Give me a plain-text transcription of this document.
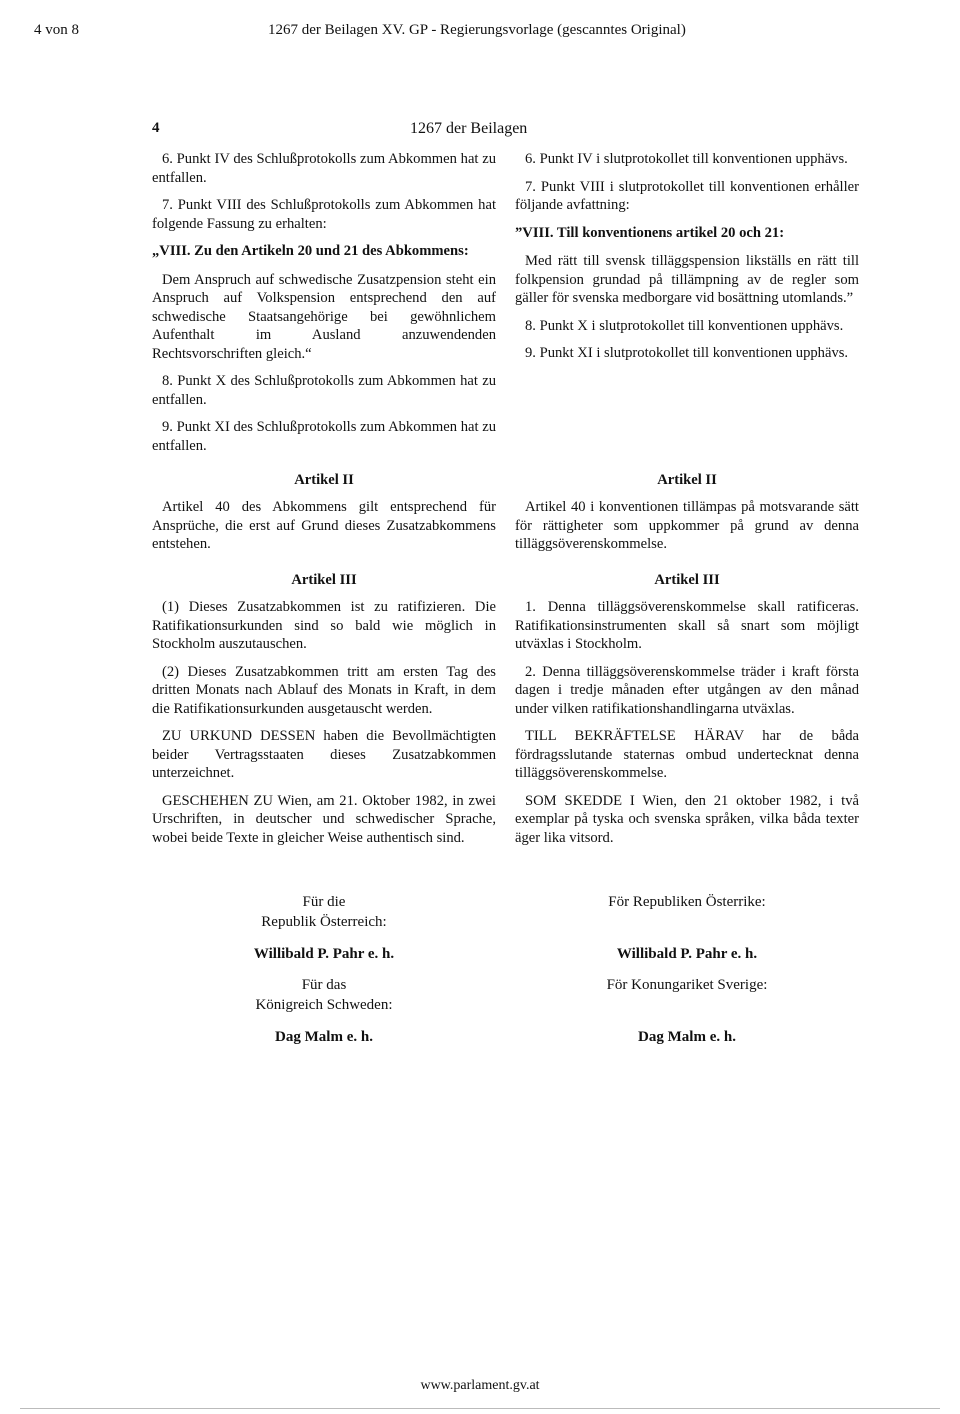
4 von 8	1267 der Beilagen XV. GP - Regierungsvorlage (gescanntes Original)
4	1267 der Beilagen

6. Punkt IV des Schlußprotokolls zum Abkommen hat zu entfallen.

7. Punkt VIII des Schlußprotokolls zum Abkommen hat folgende Fassung zu erhalten:

„VIII. Zu den Artikeln 20 und 21 des Abkommens:

Dem Anspruch auf schwedische Zusatzpension steht ein Anspruch auf Volkspension entsprechend den auf schwedische Staatsangehörige bei gewöhnlichem Aufenthalt im Ausland anzuwendenden Rechtsvorschriften gleich.“

8. Punkt X des Schlußprotokolls zum Abkommen hat zu entfallen.

9. Punkt XI des Schlußprotokolls zum Abkommen hat zu entfallen.

6. Punkt IV i slutprotokollet till konventionen upphävs.

7. Punkt VIII i slutprotokollet till konventionen erhåller följande avfattning:

”VIII. Till konventionens artikel 20 och 21:

Med rätt till svensk tilläggspension likställs en rätt till folkpension grundad på tillämpning av de regler som gäller för svenska medborgare vid bosättning utomlands.”

8. Punkt X i slutprotokollet till konventionen upphävs.

9. Punkt XI i slutprotokollet till konventionen upphävs.

Artikel II	Artikel II

Artikel 40 des Abkommens gilt entsprechend für Ansprüche, die erst auf Grund dieses Zusatzabkommens entstehen.

Artikel 40 i konventionen tillämpas på motsvarande sätt för rättigheter som uppkommer på grund av denna tilläggsöverenskommelse.

Artikel III	Artikel III

(1) Dieses Zusatzabkommen ist zu ratifizieren. Die Ratifikationsurkunden sind so bald wie möglich in Stockholm auszutauschen.

(2) Dieses Zusatzabkommen tritt am ersten Tag des dritten Monats nach Ablauf des Monats in Kraft, in dem die Ratifikationsurkunden ausgetauscht werden.

ZU URKUND DESSEN haben die Bevollmächtigten beider Vertragsstaaten dieses Zusatzabkommen unterzeichnet.

GESCHEHEN ZU Wien, am 21. Oktober 1982, in zwei Urschriften, in deutscher und schwedischer Sprache, wobei beide Texte in gleicher Weise authentisch sind.

1. Denna tilläggsöverenskommelse skall ratificeras. Ratifikationsinstrumenten skall så snart som möjligt utväxlas i Stockholm.

2. Denna tilläggsöverenskommelse träder i kraft första dagen i tredje månaden efter utgången av den månad under vilken ratifikationshandlingarna utväxlas.

TILL BEKRÄFTELSE HÄRAV har de båda fördragsslutande staternas ombud undertecknat denna tilläggsöverenskommelse.

SOM SKEDDE I Wien, den 21 oktober 1982, i två exemplar på tyska och svenska språken, vilka båda texter äger lika vitsord.

Für die
Republik Österreich:
Willibald P. Pahr e. h.
Für das
Königreich Schweden:
Dag Malm e. h.
För Republiken Österrike:
Willibald P. Pahr e. h.
För Konungariket Sverige:
Dag Malm e. h.
www.parlament.gv.at
